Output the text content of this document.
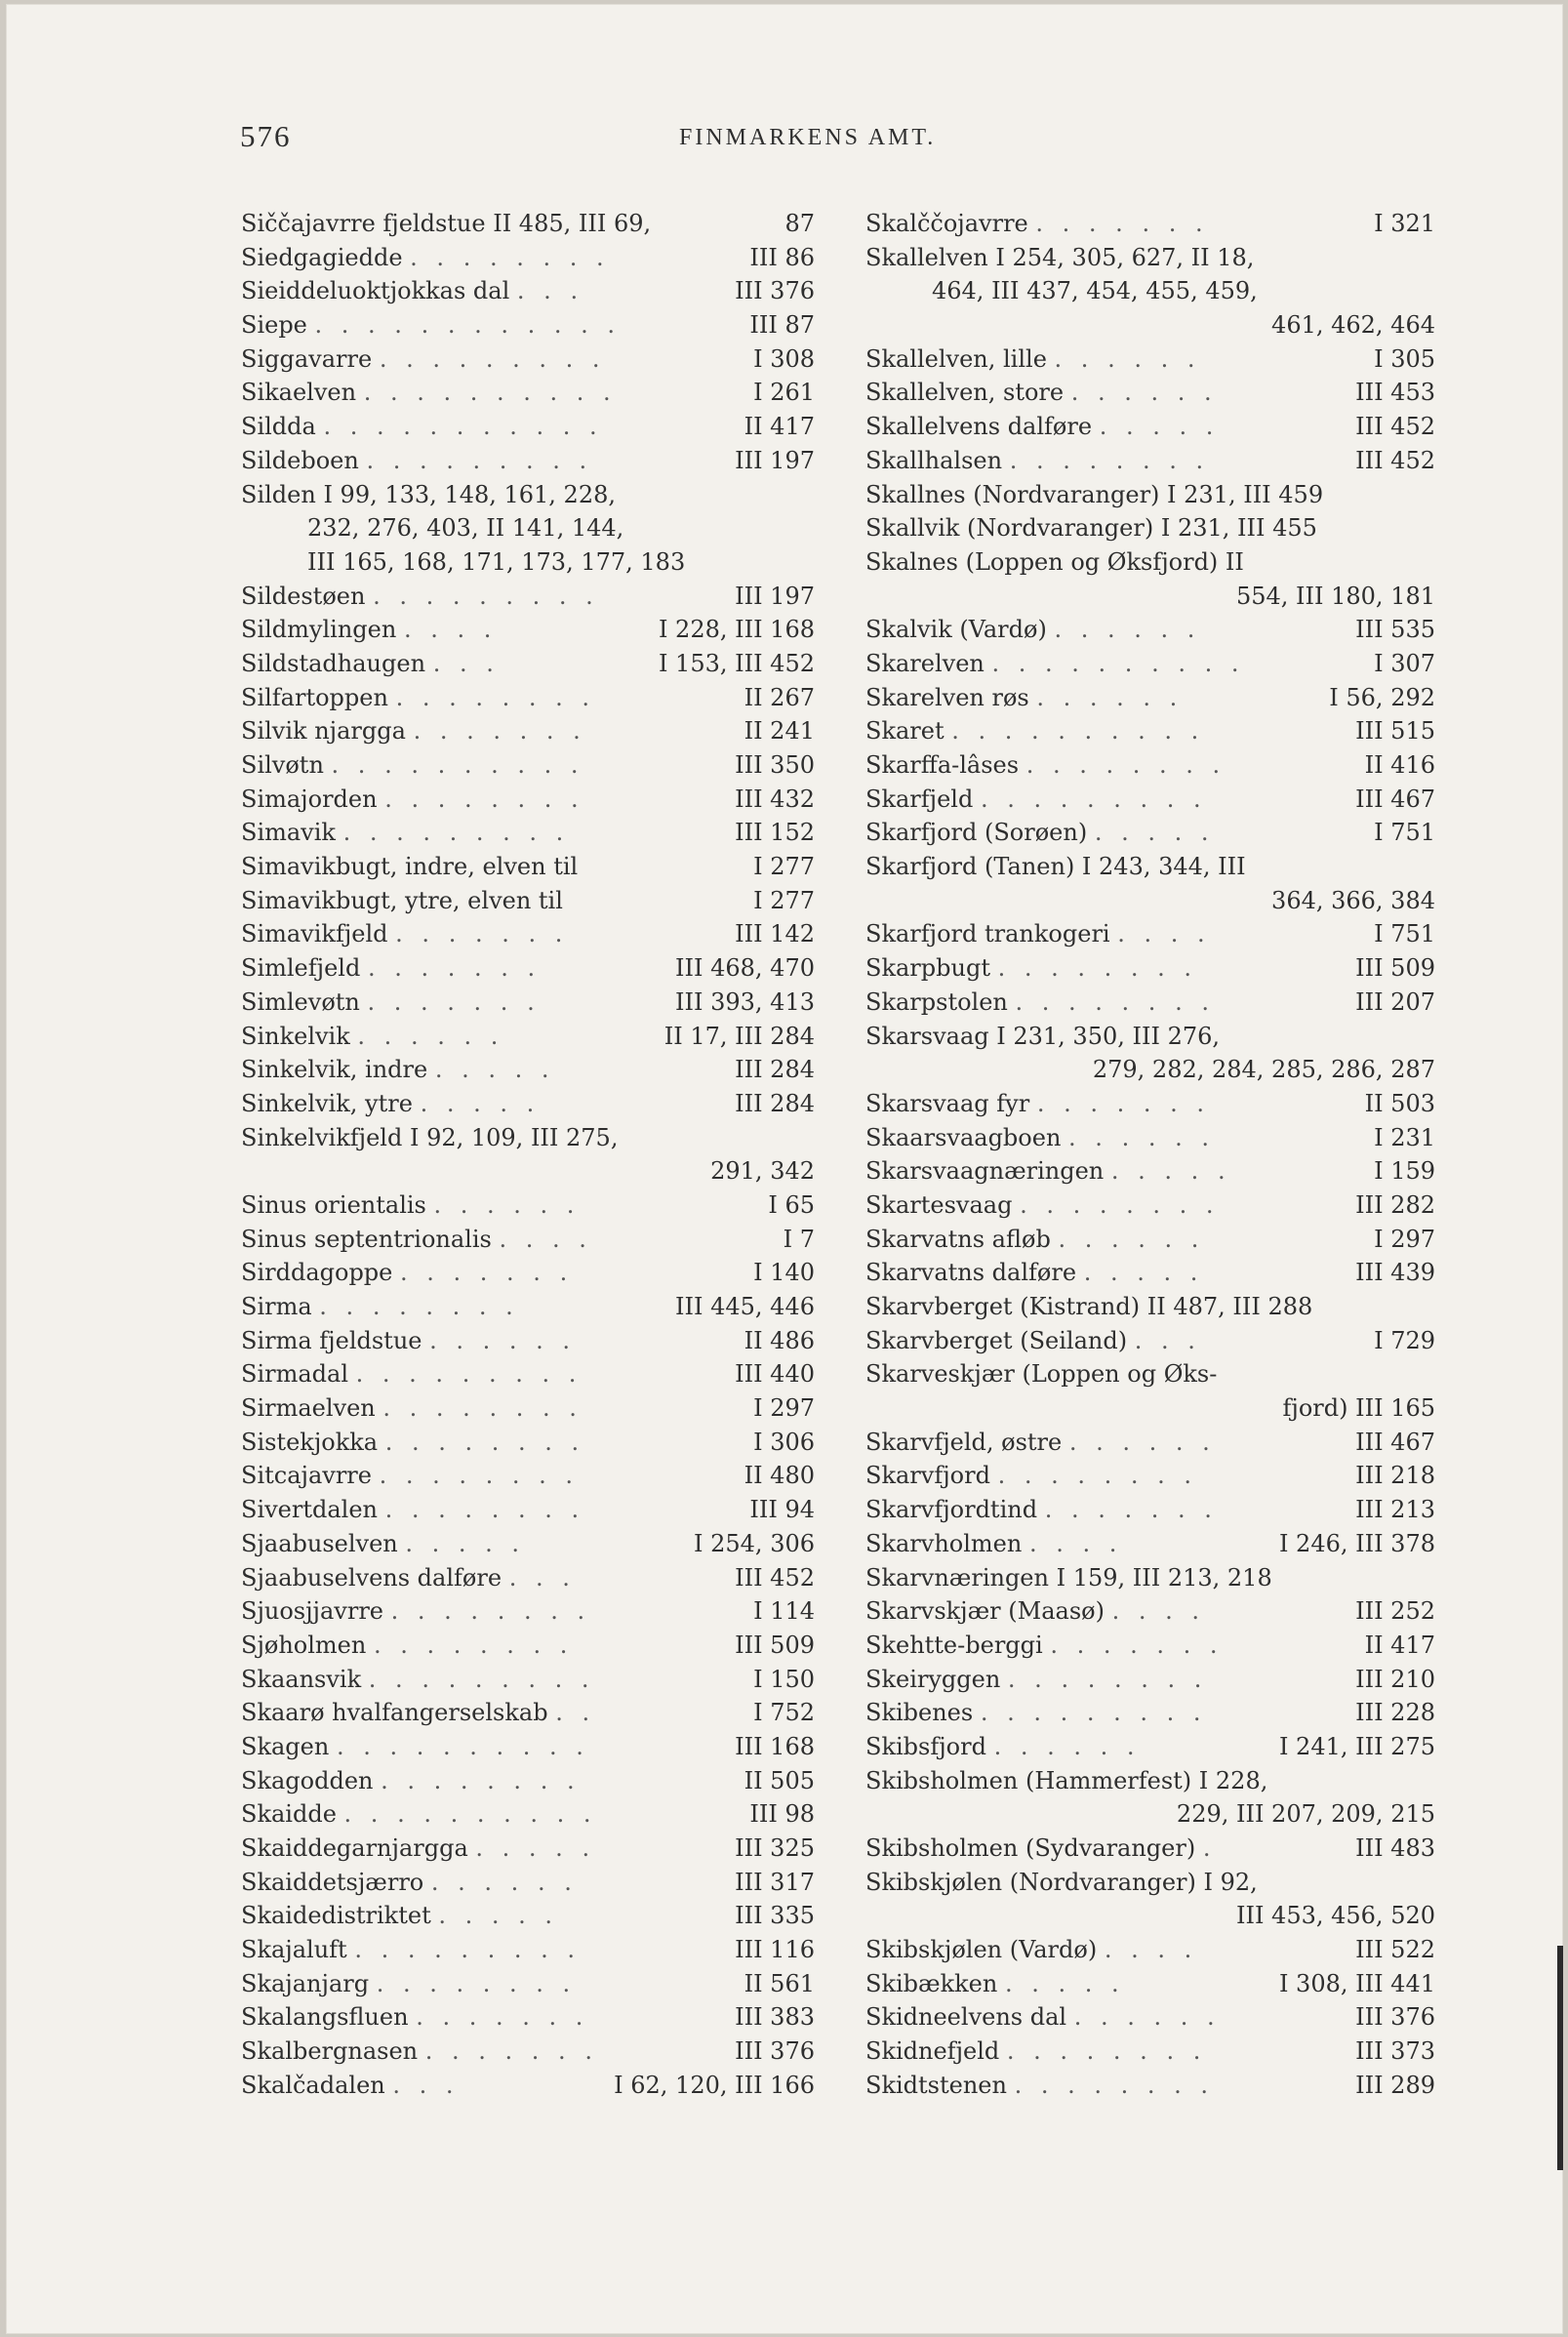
576	FINMARKENS AMT.
Siččajavrre fjeldstue II 485, III 69,	87
Siedgagiedde . . . . . . . .	III 86
Sieiddeluoktjokkas dal . . .	III 376
Siepe . . . . . . . . . . . .	III 87
Siggavarre . . . . . . . . .	I 308
Sikaelven . . . . . . . . . .	I 261
Sildda . . . . . . . . . . .	II 417
Sildeboen . . . . . . . . .	III 197
Silden I 99, 133, 148, 161, 228,
232, 276, 403, II 141, 144,
III 165, 168, 171, 173, 177, 183
Sildestøen . . . . . . . . .	III 197
Sildmylingen . . . .	I 228, III 168
Sildstadhaugen . . .	I 153, III 452
Silfartoppen . . . . . . . .	II 267
Silvik njargga . . . . . . .	II 241
Silvøtn . . . . . . . . . .	III 350
Simajorden . . . . . . . .	III 432
Simavik . . . . . . . . .	III 152
Simavikbugt, indre, elven til	I 277
Simavikbugt, ytre, elven til	I 277
Simavikfjeld . . . . . . .	III 142
Simlefjeld . . . . . . .	III 468, 470
Simlevøtn . . . . . . .	III 393, 413
Sinkelvik . . . . . .	II 17, III 284
Sinkelvik, indre . . . . .	III 284
Sinkelvik, ytre . . . . .	III 284
Sinkelvikfjeld I 92, 109, III 275,
291, 342
Sinus orientalis . . . . . .	I 65
Sinus septentrionalis . . . .	I 7
Sirddagoppe . . . . . . .	I 140
Sirma . . . . . . . .	III 445, 446
Sirma fjeldstue . . . . . .	II 486
Sirmadal . . . . . . . . .	III 440
Sirmaelven . . . . . . . .	I 297
Sistekjokka . . . . . . . .	I 306
Sitcajavrre . . . . . . . .	II 480
Sivertdalen . . . . . . . .	III 94
Sjaabuselven . . . . .	I 254, 306
Sjaabuselvens dalføre . . .	III 452
Sjuosjjavrre . . . . . . . .	I 114
Sjøholmen . . . . . . . .	III 509
Skaansvik . . . . . . . . .	I 150
Skaarø hvalfangerselskab . .	I 752
Skagen . . . . . . . . . .	III 168
Skagodden . . . . . . . .	II 505
Skaidde . . . . . . . . . .	III 98
Skaiddegarnjargga . . . . .	III 325
Skaiddetsjærro . . . . . .	III 317
Skaidedistriktet . . . . .	III 335
Skajaluft . . . . . . . . .	III 116
Skajanjarg . . . . . . . .	II 561
Skalangsfluen . . . . . . .	III 383
Skalbergnasen . . . . . . .	III 376
Skalčadalen . . .	I 62, 120, III 166
Skalččojavrre . . . . . . .	I 321
Skallelven I 254, 305, 627, II 18,
464, III 437, 454, 455, 459,
461, 462, 464
Skallelven, lille . . . . . .	I 305
Skallelven, store . . . . . .	III 453
Skallelvens dalføre . . . . .	III 452
Skallhalsen . . . . . . . .	III 452
Skallnes (Nordvaranger) I 231, III 459
Skallvik (Nordvaranger) I 231, III 455
Skalnes (Loppen og Øksfjord) II
554, III 180, 181
Skalvik (Vardø) . . . . . .	III 535
Skarelven . . . . . . . . . .	I 307
Skarelven røs . . . . . .	I 56, 292
Skaret . . . . . . . . . .	III 515
Skarffa-lâses . . . . . . . .	II 416
Skarfjeld . . . . . . . . .	III 467
Skarfjord (Sorøen) . . . . .	I 751
Skarfjord (Tanen) I 243, 344, III
364, 366, 384
Skarfjord trankogeri . . . .	I 751
Skarpbugt . . . . . . . .	III 509
Skarpstolen . . . . . . . .	III 207
Skarsvaag I 231, 350, III 276,
279, 282, 284, 285, 286, 287
Skarsvaag fyr . . . . . . .	II 503
Skaarsvaagboen . . . . . .	I 231
Skarsvaagnæringen . . . . .	I 159
Skartesvaag . . . . . . . .	III 282
Skarvatns afløb . . . . . .	I 297
Skarvatns dalføre . . . . .	III 439
Skarvberget (Kistrand) II 487, III 288
Skarvberget (Seiland) . . .	I 729
Skarveskjær (Loppen og Øks-
fjord) III 165
Skarvfjeld, østre . . . . . .	III 467
Skarvfjord . . . . . . . .	III 218
Skarvfjordtind . . . . . . .	III 213
Skarvholmen . . . .	I 246, III 378
Skarvnæringen I 159, III 213, 218
Skarvskjær (Maasø) . . . .	III 252
Skehtte-berggi . . . . . . .	II 417
Skeiryggen . . . . . . . .	III 210
Skibenes . . . . . . . . .	III 228
Skibsfjord . . . . . .	I 241, III 275
Skibsholmen (Hammerfest) I 228,
229, III 207, 209, 215
Skibsholmen (Sydvaranger) .	III 483
Skibskjølen (Nordvaranger) I 92,
III 453, 456, 520
Skibskjølen (Vardø) . . . .	III 522
Skibækken . . . . .	I 308, III 441
Skidneelvens dal . . . . . .	III 376
Skidnefjeld . . . . . . . .	III 373
Skidtstenen . . . . . . . .	III 289
